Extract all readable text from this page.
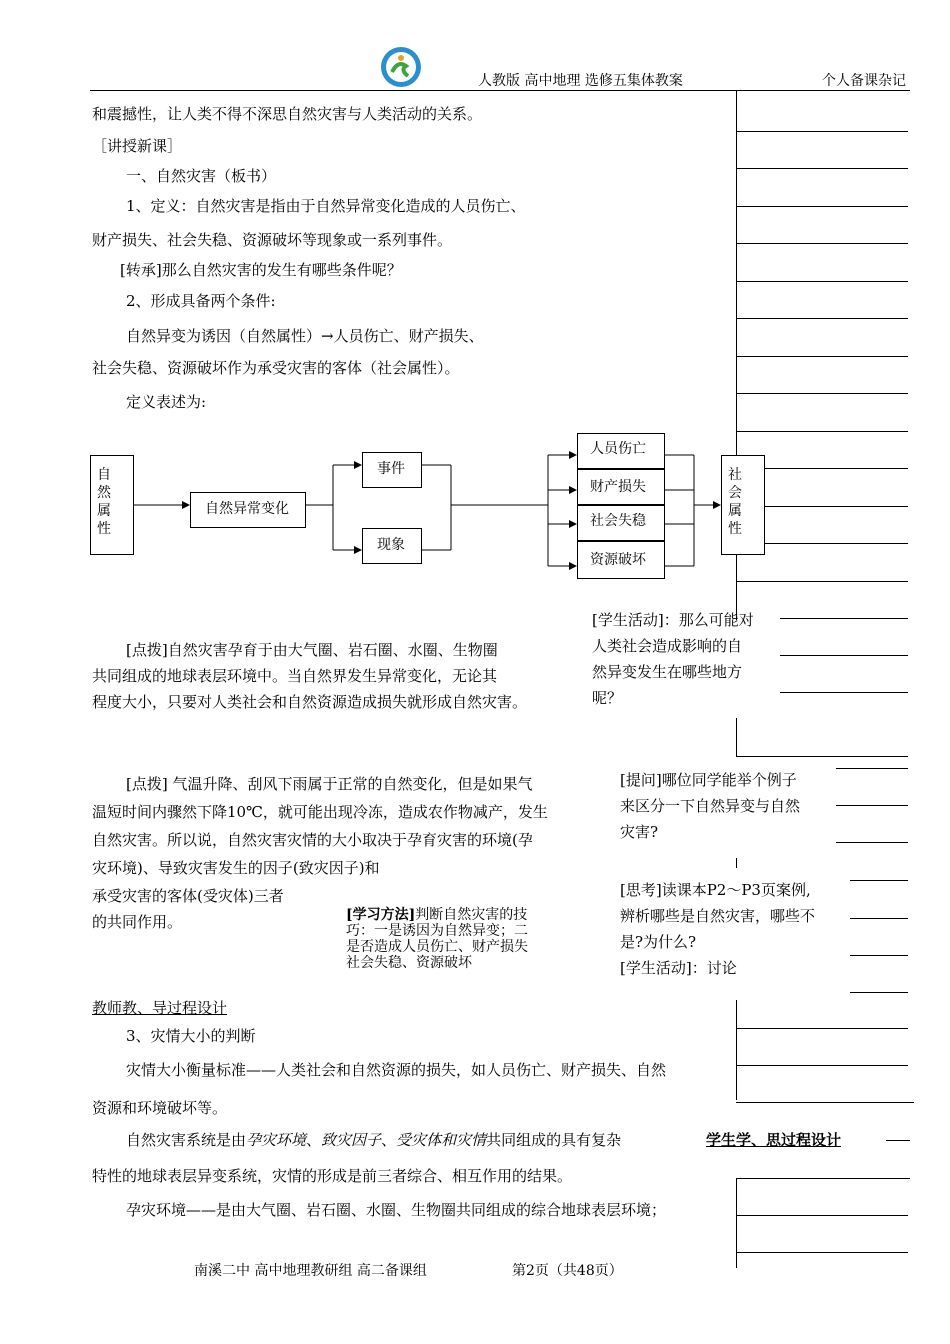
人教版 高中地理 选修五集体教案	个人备课杂记
和震撼性，让人类不得不深思自然灾害与人类活动的关系。
［讲授新课］
一、自然灾害（板书）
1、定义：自然灾害是指由于自然异常变化造成的人员伤亡、
财产损失、社会失稳、资源破坏等现象或一系列事件。
[转承]那么自然灾害的发生有哪些条件呢？
2、形成具备两个条件:
自然异变为诱因（自然属性）→人员伤亡、财产损失、
社会失稳、资源破坏作为承受灾害的客体（社会属性）。
定义表述为:
自然属性
自然异常变化
事件
现象
人员伤亡
财产损失
社会失稳
资源破坏
社会属性
[点拨]自然灾害孕育于由大气圈、岩石圈、水圈、生物圈
共同组成的地球表层环境中。当自然界发生异常变化，无论其
程度大小，只要对人类社会和自然资源造成损失就形成自然灾害。
[学生活动]：那么可能对
人类社会造成影响的自
然异变发生在哪些地方
呢？
[点拨] 气温升降、刮风下雨属于正常的自然变化，但是如果气
温短时间内骤然下降10℃，就可能出现冷冻，造成农作物减产，发生
自然灾害。所以说，自然灾害灾情的大小取决于孕育灾害的环境(孕
灾环境)、导致灾害发生的因子(致灾因子)和
承受灾害的客体(受灾体)三者
的共同作用。
[提问]哪位同学能举个例子
来区分一下自然异变与自然
灾害?
[学习方法]判断自然灾害的技
巧：一是诱因为自然异变；二
是否造成人员伤亡、财产损失
社会失稳、资源破坏
[思考]读课本P2～P3页案例,
辨析哪些是自然灾害，哪些不
是?为什么?
[学生活动]：讨论
教师教、导过程设计
3、灾情大小的判断
灾情大小衡量标准——人类社会和自然资源的损失，如人员伤亡、财产损失、自然
资源和环境破坏等。
自然灾害系统是由孕灾环境、致灾因子、受灾体和灾情共同组成的具有复杂	学生学、思过程设计
特性的地球表层异变系统，灾情的形成是前三者综合、相互作用的结果。
孕灾环境——是由大气圈、岩石圈、水圈、生物圈共同组成的综合地球表层环境；
南溪二中 高中地理教研组 高二备课组	第2页（共48页）
